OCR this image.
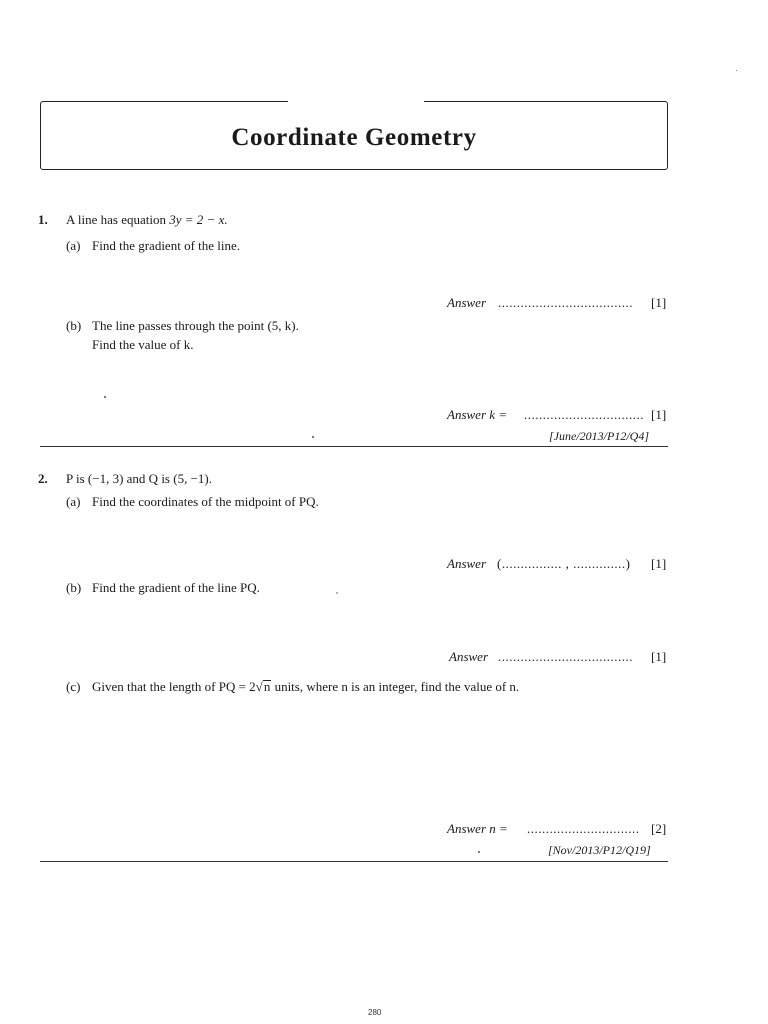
Coordinate Geometry
1. A line has equation 3y = 2 − x.
(a) Find the gradient of the line.
Answer .................................... [1]
(b) The line passes through the point (5, k).
Find the value of k.
Answer k = ................................ [1]
[June/2013/P12/Q4]
2. P is (−1, 3) and Q is (5, −1).
(a) Find the coordinates of the midpoint of PQ.
Answer (................ , ..............) [1]
(b) Find the gradient of the line PQ.
Answer .................................... [1]
(c) Given that the length of PQ = 2√n units, where n is an integer, find the value of n.
Answer n = .............................. [2]
[Nov/2013/P12/Q19]
280
